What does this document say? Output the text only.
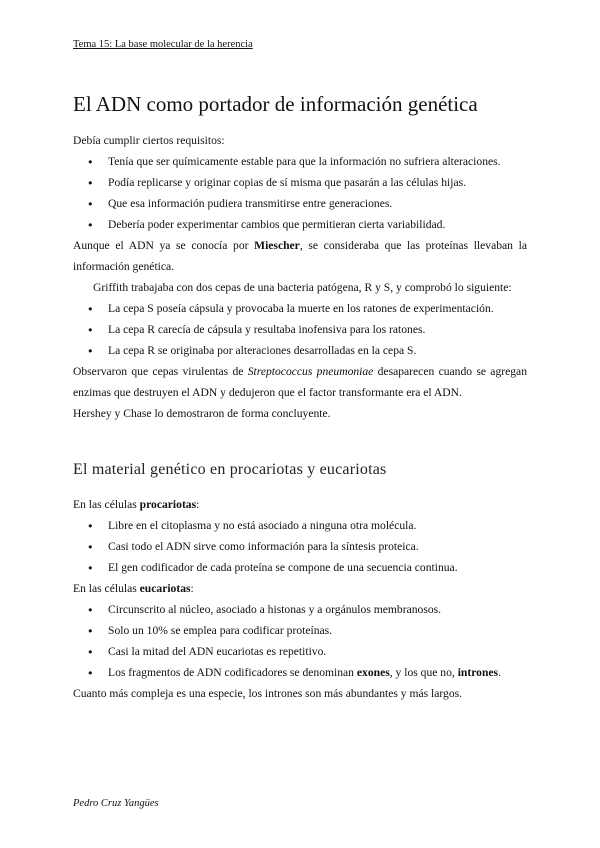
Tema 15: La base molecular de la herencia
El ADN como portador de información genética

Debía cumplir ciertos requisitos:

● Tenía que ser químicamente estable para que la información no sufriera alteraciones.
● Podía replicarse y originar copias de sí misma que pasarán a las células hijas.
● Que esa información pudiera transmitirse entre generaciones.
● Debería poder experimentar cambios que permitieran cierta variabilidad.

Aunque el ADN ya se conocía por Miescher, se consideraba que las proteínas llevaban la información genética.

Griffith trabajaba con dos cepas de una bacteria patógena, R y S, y comprobó lo siguiente:

● La cepa S poseía cápsula y provocaba la muerte en los ratones de experimentación.
● La cepa R carecía de cápsula y resultaba inofensiva para los ratones.
● La cepa R se originaba por alteraciones desarrolladas en la cepa S.

Observaron que cepas virulentas de Streptococcus pneumoniae desaparecen cuando se agregan enzimas que destruyen el ADN y dedujeron que el factor transformante era el ADN.

Hershey y Chase lo demostraron de forma concluyente.

El material genético en procariotas y eucariotas

En las células procariotas:

● Libre en el citoplasma y no está asociado a ninguna otra molécula.
● Casi todo el ADN sirve como información para la síntesis proteica.
● El gen codificador de cada proteína se compone de una secuencia continua.

En las células eucariotas:

● Circunscrito al núcleo, asociado a histonas y a orgánulos membranosos.
● Solo un 10% se emplea para codificar proteínas.
● Casi la mitad del ADN eucariotas es repetitivo.
● Los fragmentos de ADN codificadores se denominan exones, y los que no, intrones.

Cuanto más compleja es una especie, los intrones son más abundantes y más largos.

Pedro Cruz Yangües
